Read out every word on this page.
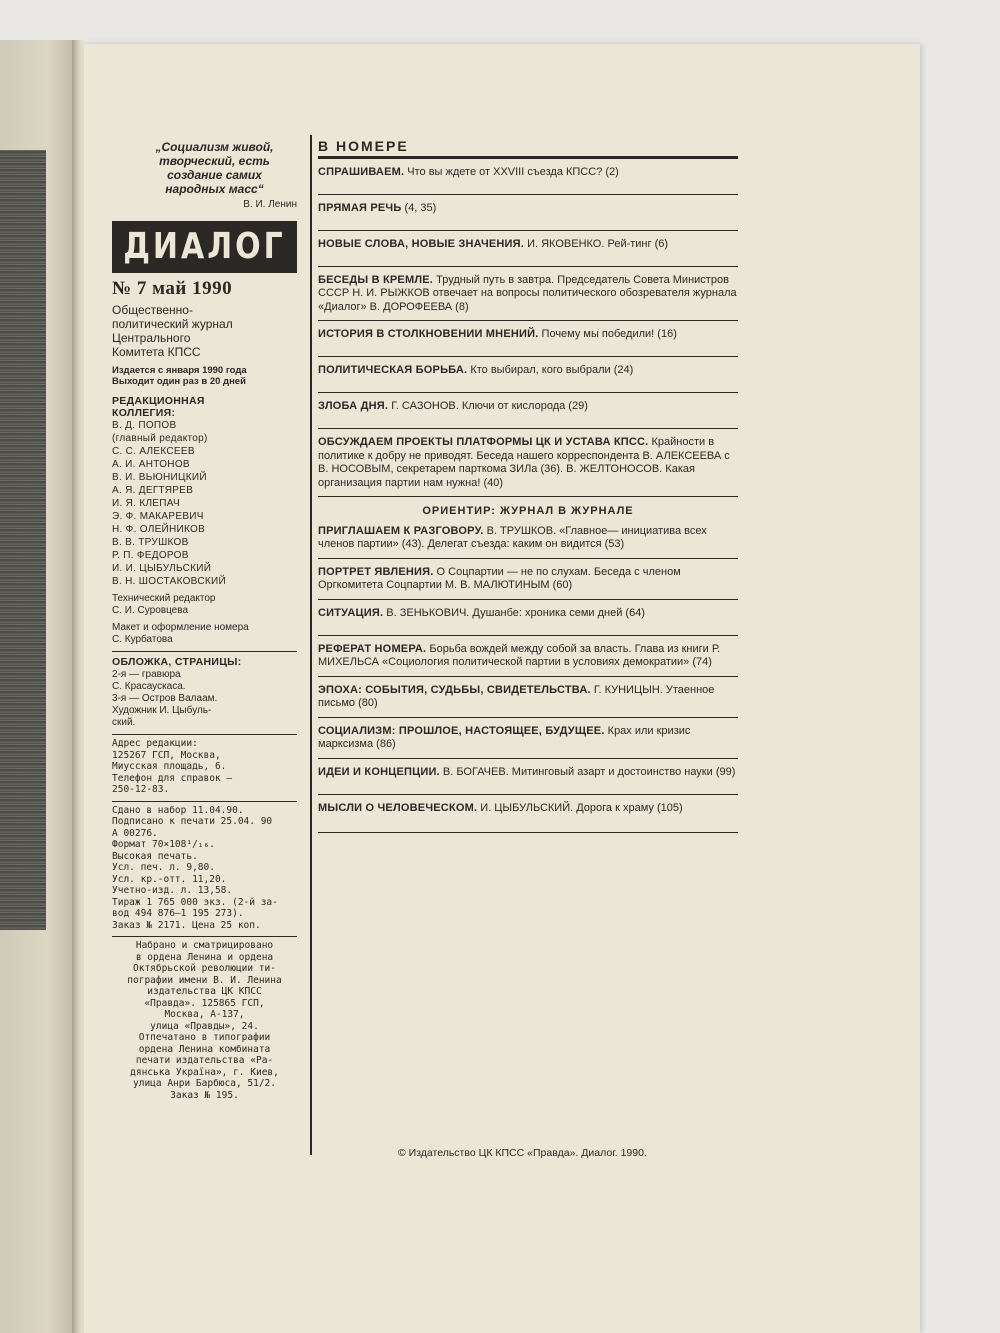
„Социализм живой,
творческий, есть
создание самих
народных масс“
В. И. Ленин
ДИАЛОГ
№ 7 май 1990
Общественно-
политический журнал
Центрального
Комитета КПСС
Издается с января 1990 года
Выходит один раз в 20 дней
РЕДАКЦИОННАЯ
КОЛЛЕГИЯ:
В. Д. ПОПОВ
(главный редактор)
С. С. АЛЕКСЕЕВ
А. И. АНТОНОВ
В. И. ВЬЮНИЦКИЙ
А. Я. ДЕГТЯРЕВ
И. Я. КЛЕПАЧ
Э. Ф. МАКАРЕВИЧ
Н. Ф. ОЛЕЙНИКОВ
В. В. ТРУШКОВ
Р. П. ФЕДОРОВ
И. И. ЦЫБУЛЬСКИЙ
В. Н. ШОСТАКОВСКИЙ
Технический редактор
С. И. Суровцева
Макет и оформление номера
С. Курбатова
ОБЛОЖКА, СТРАНИЦЫ:
2-я — гравюра
С. Красаускаса.
3-я — Остров Валаам.
Художник И. Цыбуль-
ский.
Адрес редакции:
125267 ГСП, Москва,
Миусская площадь, 6.
Телефон для справок —
250-12-83.
Сдано в набор 11.04.90.
Подписано к печати 25.04. 90
А 00276.
Формат 70×108¹/₁₆.
Высокая печать.
Усл. печ. л. 9,80.
Усл. кр.-отт. 11,20.
Учетно-изд. л. 13,58.
Тираж 1 765 000 экз. (2-й за-
вод 494 876—1 195 273).
Заказ № 2171. Цена 25 коп.
Набрано и сматрицировано
в ордена Ленина и ордена
Октябрьской революции ти-
пографии имени В. И. Ленина
издательства ЦК КПСС
«Правда». 125865 ГСП,
Москва, А-137,
улица «Правды», 24.
Отпечатано в типографии
ордена Ленина комбината
печати издательства «Ра-
дянська Україна», г. Киев,
улица Анри Барбюса, 51/2.
Заказ № 195.
В НОМЕРЕ
СПРАШИВАЕМ. Что вы ждете от XXVIII съезда КПСС? (2)
ПРЯМАЯ РЕЧЬ (4, 35)
НОВЫЕ СЛОВА, НОВЫЕ ЗНАЧЕНИЯ. И. ЯКОВЕНКО. Рей-тинг (6)
БЕСЕДЫ В КРЕМЛЕ. Трудный путь в завтра. Председатель Совета Министров СССР Н. И. РЫЖКОВ отвечает на вопросы политического обозревателя журнала «Диалог» В. ДОРОФЕЕВА (8)
ИСТОРИЯ В СТОЛКНОВЕНИИ МНЕНИЙ. Почему мы победили! (16)
ПОЛИТИЧЕСКАЯ БОРЬБА. Кто выбирал, кого выбрали (24)
ЗЛОБА ДНЯ. Г. САЗОНОВ. Ключи от кислорода (29)
ОБСУЖДАЕМ ПРОЕКТЫ ПЛАТФОРМЫ ЦК И УСТАВА КПСС. Крайности в политике к добру не приводят. Беседа нашего корреспондента В. АЛЕКСЕЕВА с В. НОСОВЫМ, секретарем парткома ЗИЛа (36). В. ЖЕЛТОНОСОВ. Какая организация партии нам нужна! (40)
ОРИЕНТИР: ЖУРНАЛ В ЖУРНАЛЕ
ПРИГЛАШАЕМ К РАЗГОВОРУ. В. ТРУШКОВ. «Главное— инициатива всех членов партии» (43). Делегат съезда: каким он видится (53)
ПОРТРЕТ ЯВЛЕНИЯ. О Соцпартии — не по слухам. Беседа с членом Оргкомитета Соцпартии М. В. МАЛЮТИНЫМ (60)
СИТУАЦИЯ. В. ЗЕНЬКОВИЧ. Душанбе: хроника семи дней (64)
РЕФЕРАТ НОМЕРА. Борьба вождей между собой за власть. Глава из книги Р. МИХЕЛЬСА «Социология политической партии в условиях демократии» (74)
ЭПОХА: СОБЫТИЯ, СУДЬБЫ, СВИДЕТЕЛЬСТВА. Г. КУНИЦЫН. Утаенное письмо (80)
СОЦИАЛИЗМ: ПРОШЛОЕ, НАСТОЯЩЕЕ, БУДУЩЕЕ. Крах или кризис марксизма (86)
ИДЕИ И КОНЦЕПЦИИ. В. БОГАЧЕВ. Митинговый азарт и достоинство науки (99)
МЫСЛИ О ЧЕЛОВЕЧЕСКОМ. И. ЦЫБУЛЬСКИЙ. Дорога к храму (105)
© Издательство ЦК КПСС «Правда». Диалог. 1990.
